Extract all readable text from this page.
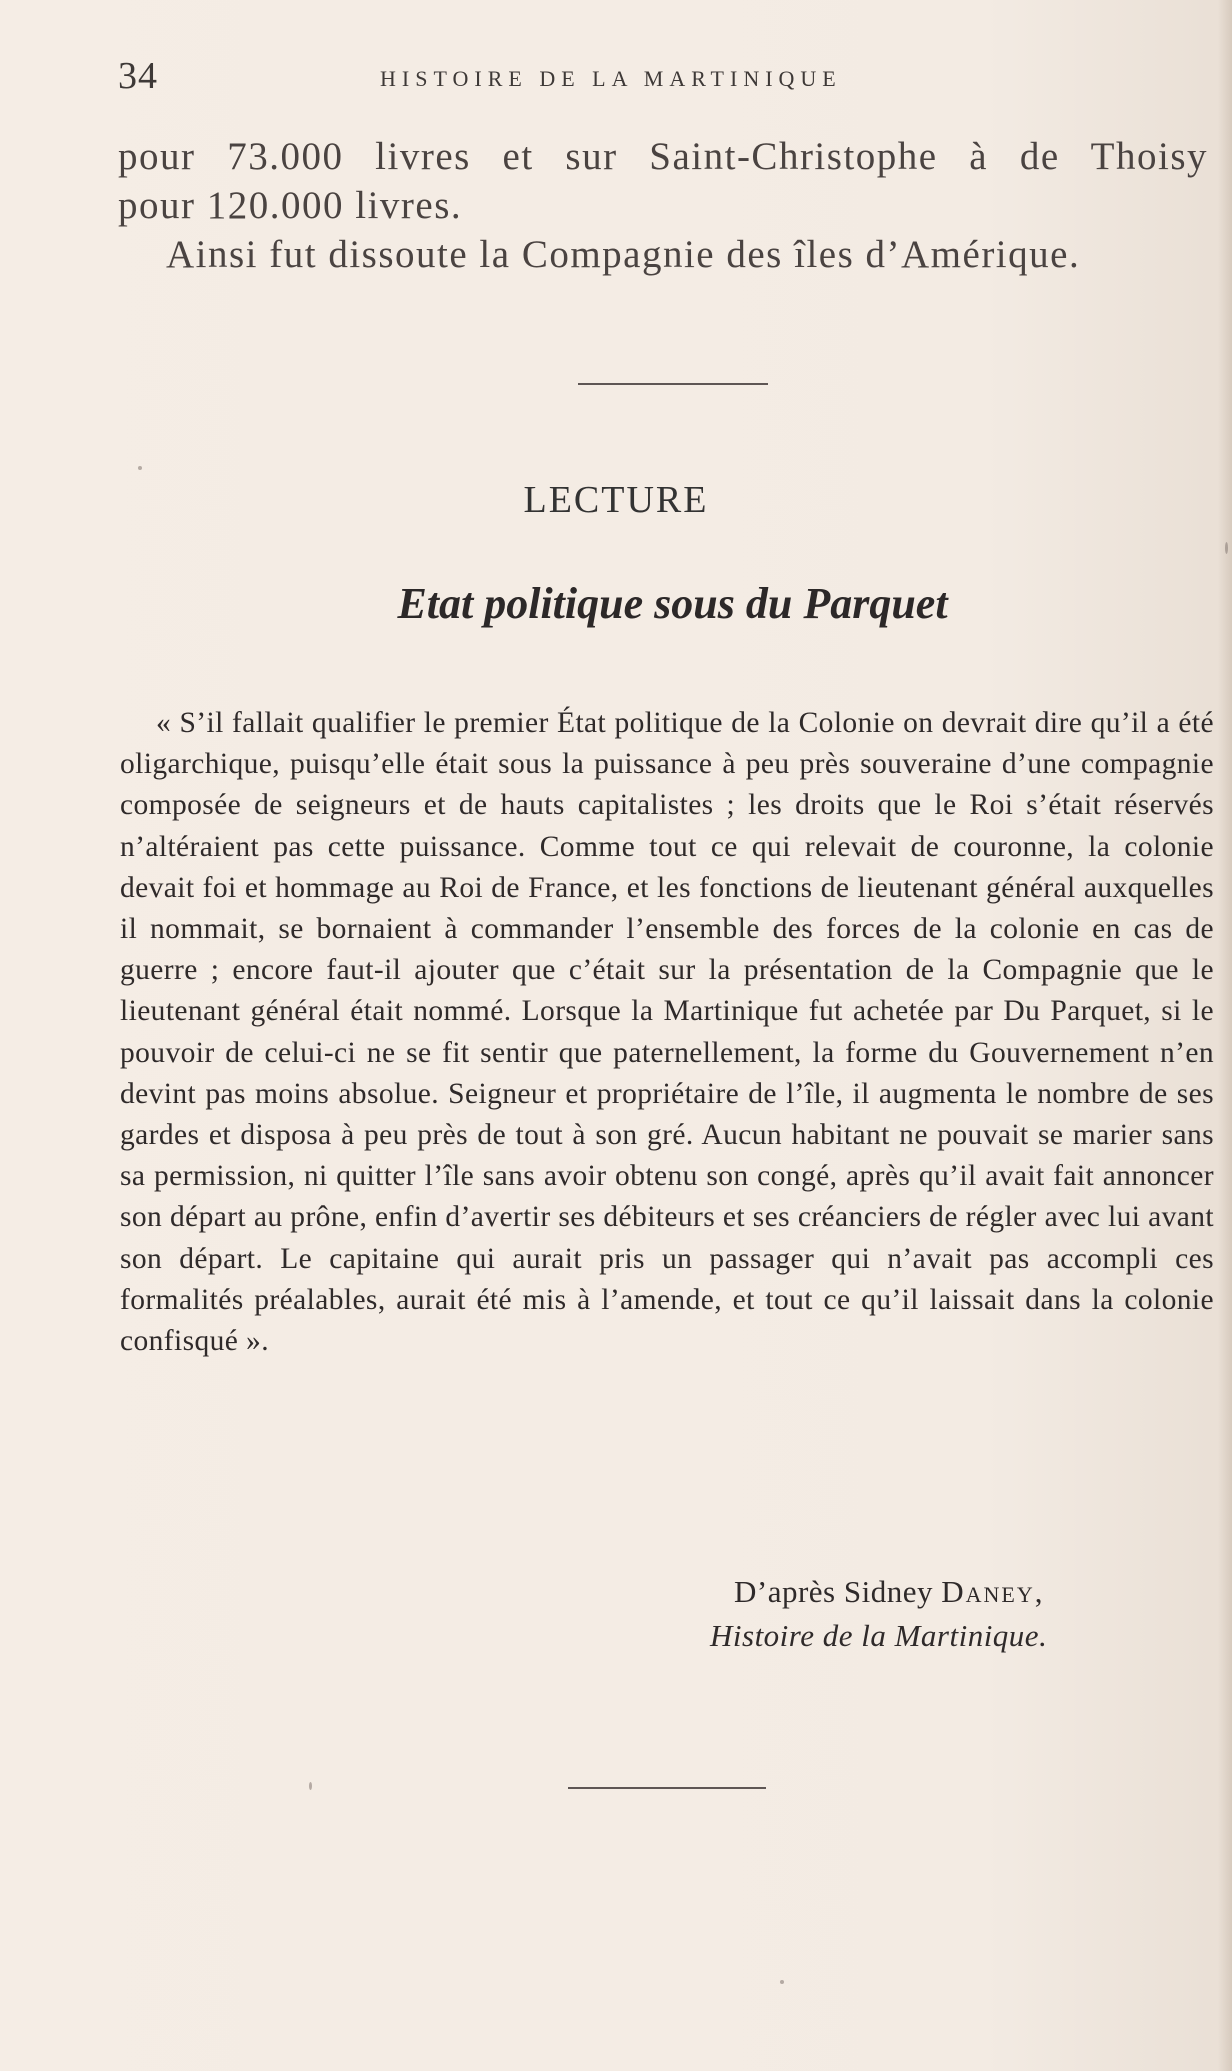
34	HISTOIRE DE LA MARTINIQUE

pour 73.000 livres et sur Saint-Christophe à de Thoisy

pour 120.000 livres.

Ainsi fut dissoute la Compagnie des îles d’Amérique.

LECTURE
Etat politique sous du Parquet

« S’il fallait qualifier le premier État politique de la Colonie on devrait dire qu’il a été oligarchique, puisqu’elle était sous la puissance à peu près souveraine d’une compagnie composée de seigneurs et de hauts capitalistes ; les droits que le Roi s’était réservés n’altéraient pas cette puissance. Comme tout ce qui relevait de couronne, la colonie devait foi et hommage au Roi de France, et les fonctions de lieutenant général auxquelles il nommait, se bornaient à commander l’ensemble des forces de la colonie en cas de guerre ; encore faut-il ajouter que c’était sur la présentation de la Compagnie que le lieutenant général était nommé. Lorsque la Martinique fut achetée par Du Parquet, si le pouvoir de celui-ci ne se fit sentir que paternellement, la forme du Gouvernement n’en devint pas moins absolue. Seigneur et propriétaire de l’île, il augmenta le nombre de ses gardes et disposa à peu près de tout à son gré. Aucun habitant ne pouvait se marier sans sa permission, ni quitter l’île sans avoir obtenu son congé, après qu’il avait fait annoncer son départ au prône, enfin d’avertir ses débiteurs et ses créanciers de régler avec lui avant son départ. Le capitaine qui aurait pris un passager qui n’avait pas accompli ces formalités préalables, aurait été mis à l’amende, et tout ce qu’il laissait dans la colonie confisqué ».

D’après Sidney Daney,
Histoire de la Martinique.
